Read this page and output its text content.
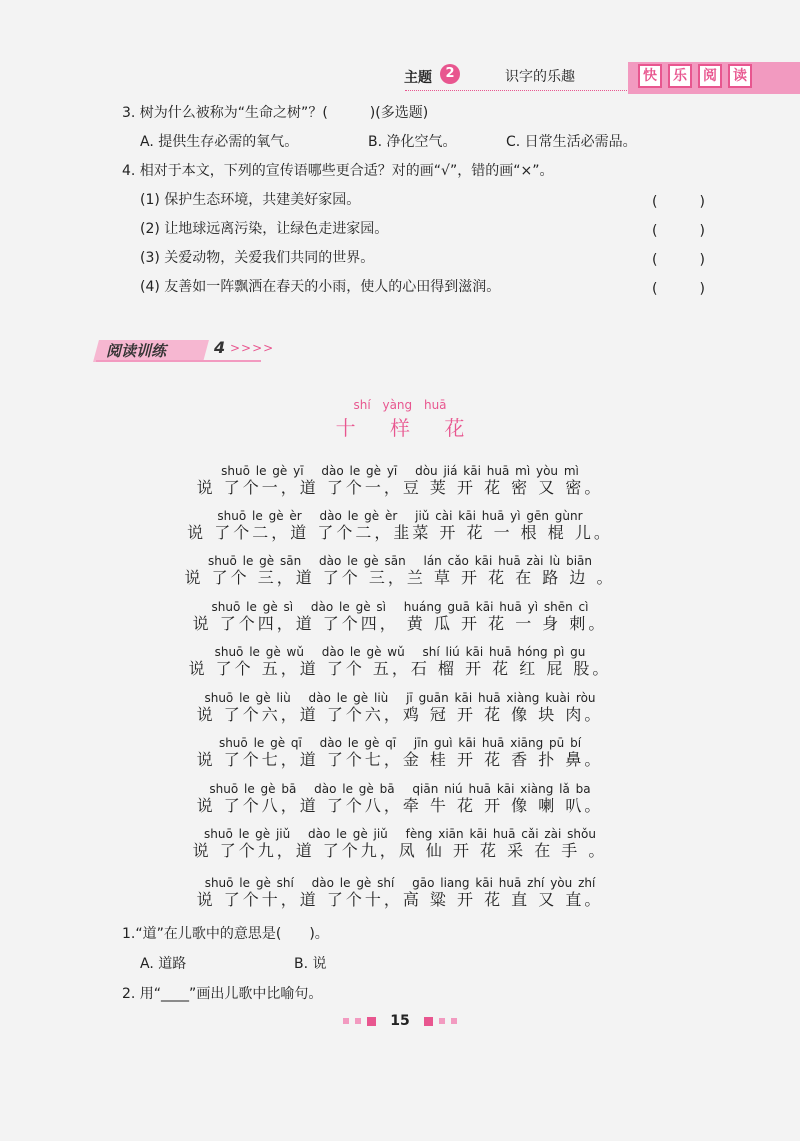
主题	2	识字的乐趣	快	乐	阅	读
3. 树为什么被称为“生命之树”？(　　　)(多选题)
A. 提供生存必需的氧气。	B. 净化空气。	C. 日常生活必需品。
4. 相对于本文，下列的宣传语哪些更合适？对的画“√”，错的画“×”。
(1) 保护生态环境，共建美好家园。	(　　　)
(2) 让地球远离污染，让绿色走进家园。	(　　　)
(3) 关爱动物，关爱我们共同的世界。	(　　　)
(4) 友善如一阵飘洒在春天的小雨，使人的心田得到滋润。	(　　　)
阅读训练	4 >>>>
shí yàng huā
十 样 花
shuō le gè yī　 dào le gè yī　 dòu jiá kāi huā mì yòu mì
说 了个一，道 了个一，豆 荚 开 花 密 又 密。
shuō le gè èr　 dào le gè èr　 jiǔ cài kāi huā yì gēn gùnr
说 了个二，道 了个二，韭菜 开 花 一 根 棍 儿。
shuō le gè sān　 dào le gè sān　 lán cǎo kāi huā zài lù biān
说 了个 三，道 了个 三，兰 草 开 花 在 路 边 。
shuō le gè sì　 dào le gè sì　 huáng guā kāi huā yì shēn cì
说 了个四，道 了个四， 黄 瓜 开 花 一 身 刺。
shuō le gè wǔ　 dào le gè wǔ　 shí liú kāi huā hóng pì gu
说 了个 五，道 了个 五，石 榴 开 花 红 屁 股。
shuō le gè liù　 dào le gè liù　 jī guān kāi huā xiàng kuài ròu
说 了个六，道 了个六，鸡 冠 开 花 像 块 肉。
shuō le gè qī　 dào le gè qī　 jīn guì kāi huā xiāng pū bí
说 了个七，道 了个七，金 桂 开 花 香 扑 鼻。
shuō le gè bā　 dào le gè bā　 qiān niú huā kāi xiàng lǎ ba
说 了个八，道 了个八，牵 牛 花 开 像 喇 叭。
shuō le gè jiǔ　 dào le gè jiǔ　 fèng xiān kāi huā cǎi zài shǒu
说 了个九，道 了个九，凤 仙 开 花 采 在 手 。
shuō le gè shí　 dào le gè shí　 gāo liang kāi huā zhí yòu zhí
说 了个十，道 了个十，高 粱 开 花 直 又 直。
1.“道”在儿歌中的意思是(　　)。
A. 道路	B. 说
2. 用“____”画出儿歌中比喻句。
15
